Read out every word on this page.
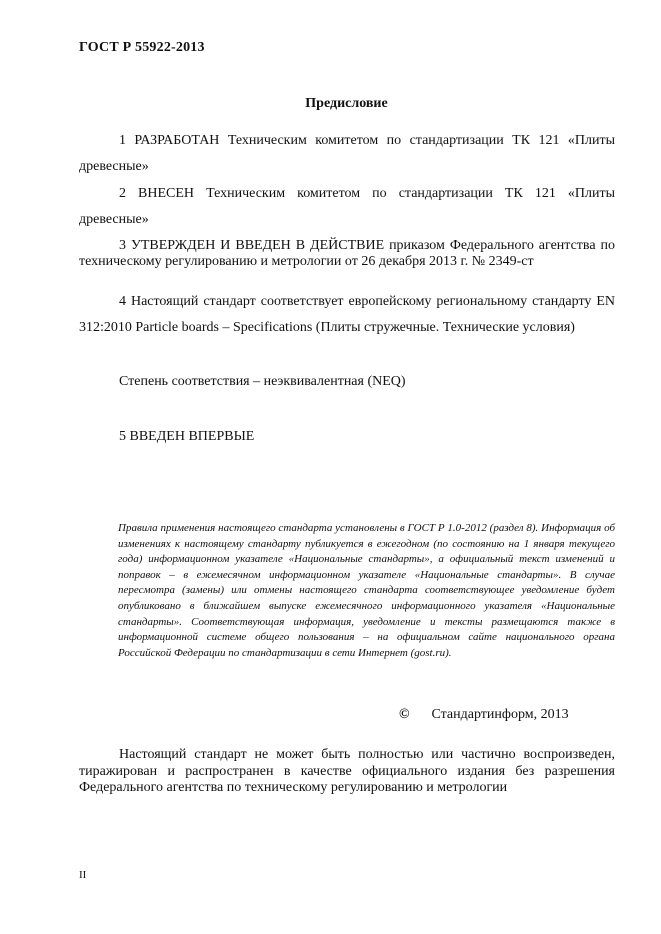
ГОСТ Р 55922-2013
Предисловие

1 РАЗРАБОТАН Техническим комитетом по стандартизации ТК 121 «Плиты древесные»

2 ВНЕСЕН Техническим комитетом по стандартизации ТК 121 «Плиты древесные»

3 УТВЕРЖДЕН И ВВЕДЕН В ДЕЙСТВИЕ приказом Федерального агентства по техническому регулированию и метрологии от 26 декабря 2013 г. № 2349-ст

4 Настоящий стандарт соответствует европейскому региональному стандарту EN 312:2010 Particle boards – Specifications (Плиты стружечные. Технические условия)

Степень соответствия – неэквивалентная (NEQ)

5 ВВЕДЕН ВПЕРВЫЕ

Правила применения настоящего стандарта установлены в ГОСТ Р 1.0-2012 (раздел 8). Информация об изменениях к настоящему стандарту публикуется в ежегодном (по состоянию на 1 января текущего года) информационном указателе «Национальные стандарты», а официальный текст изменений и поправок – в ежемесячном информационном указателе «Национальные стандарты». В случае пересмотра (замены) или отмены настоящего стандарта соответствующее уведомление будет опубликовано в ближайшем выпуске ежемесячного информационного указателя «Национальные стандарты». Соответствующая информация, уведомление и тексты размещаются также в информационной системе общего пользования – на официальном сайте национального органа Российской Федерации по стандартизации в сети Интернет (gost.ru).

© Стандартинформ, 2013

Настоящий стандарт не может быть полностью или частично воспроизведен, тиражирован и распространен в качестве официального издания без разрешения Федерального агентства по техническому регулированию и метрологии

II
